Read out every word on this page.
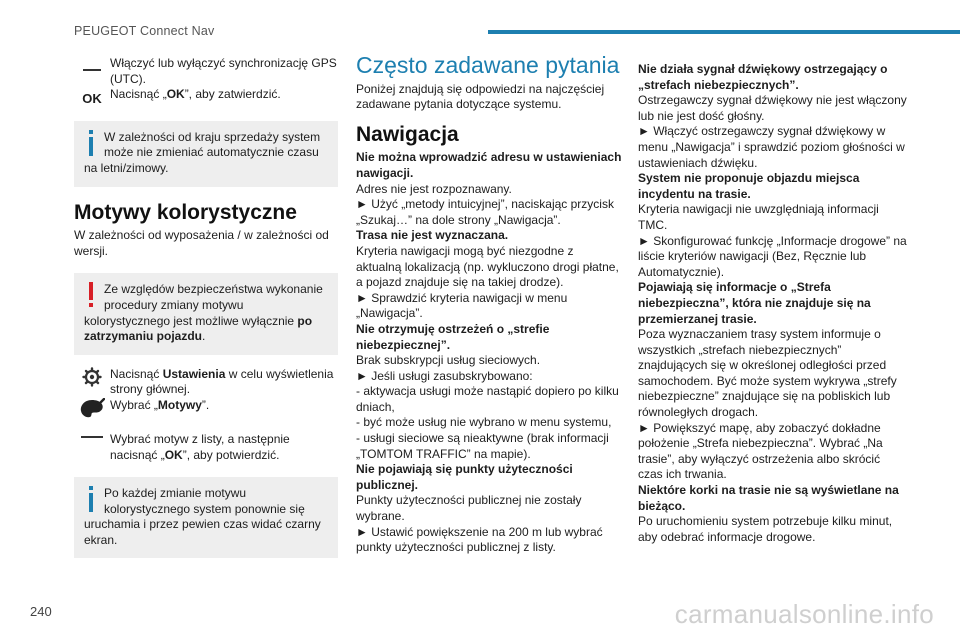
PEUGEOT Connect Nav
Włączyć lub wyłączyć synchronizację GPS (UTC).
OK Nacisnąć „OK”, aby zatwierdzić.
W zależności od kraju sprzedaży system może nie zmieniać automatycznie czasu na letni/zimowy.
Motywy kolorystyczne
W zależności od wyposażenia / w zależności od wersji.
Ze względów bezpieczeństwa wykonanie procedury zmiany motywu kolorystycznego jest możliwe wyłącznie po zatrzymaniu pojazdu.
Nacisnąć Ustawienia w celu wyświetlenia strony głównej.
Wybrać „Motywy”.
Wybrać motyw z listy, a następnie nacisnąć „OK”, aby potwierdzić.
Po każdej zmianie motywu kolorystycznego system ponownie się uruchamia i przez pewien czas widać czarny ekran.
Często zadawane pytania
Poniżej znajdują się odpowiedzi na najczęściej zadawane pytania dotyczące systemu.
Nawigacja
Nie można wprowadzić adresu w ustawieniach nawigacji.
Adres nie jest rozpoznawany.
► Użyć „metody intuicyjnej”, naciskając przycisk „Szukaj…” na dole strony „Nawigacja”.
Trasa nie jest wyznaczana.
Kryteria nawigacji mogą być niezgodne z aktualną lokalizacją (np. wykluczono drogi płatne, a pojazd znajduje się na takiej drodze).
► Sprawdzić kryteria nawigacji w menu „Nawigacja”.
Nie otrzymuję ostrzeżeń o „strefie niebezpiecznej”.
Brak subskrypcji usług sieciowych.
► Jeśli usługi zasubskrybowano:
- aktywacja usługi może nastąpić dopiero po kilku dniach,
- być może usług nie wybrano w menu systemu,
- usługi sieciowe są nieaktywne (brak informacji „TOMTOM TRAFFIC” na mapie).
Nie pojawiają się punkty użyteczności publicznej.
Punkty użyteczności publicznej nie zostały wybrane.
► Ustawić powiększenie na 200 m lub wybrać punkty użyteczności publicznej z listy.
Nie działa sygnał dźwiękowy ostrzegający o „strefach niebezpiecznych”.
Ostrzegawczy sygnał dźwiękowy nie jest włączony lub nie jest dość głośny.
► Włączyć ostrzegawczy sygnał dźwiękowy w menu „Nawigacja” i sprawdzić poziom głośności w ustawieniach dźwięku.
System nie proponuje objazdu miejsca incydentu na trasie.
Kryteria nawigacji nie uwzględniają informacji TMC.
► Skonfigurować funkcję „Informacje drogowe” na liście kryteriów nawigacji (Bez, Ręcznie lub Automatycznie).
Pojawiają się informacje o „Strefa niebezpieczna”, która nie znajduje się na przemierzanej trasie.
Poza wyznaczaniem trasy system informuje o wszystkich „strefach niebezpiecznych” znajdujących się w określonej odległości przed samochodem. Być może system wykrywa „strefy niebezpieczne” znajdujące się na pobliskich lub równoległych drogach.
► Powiększyć mapę, aby zobaczyć dokładne położenie „Strefa niebezpieczna”. Wybrać „Na trasie”, aby wyłączyć ostrzeżenia albo skrócić czas ich trwania.
Niektóre korki na trasie nie są wyświetlane na bieżąco.
Po uruchomieniu system potrzebuje kilku minut, aby odebrać informacje drogowe.
240	carmanualsonline.info
